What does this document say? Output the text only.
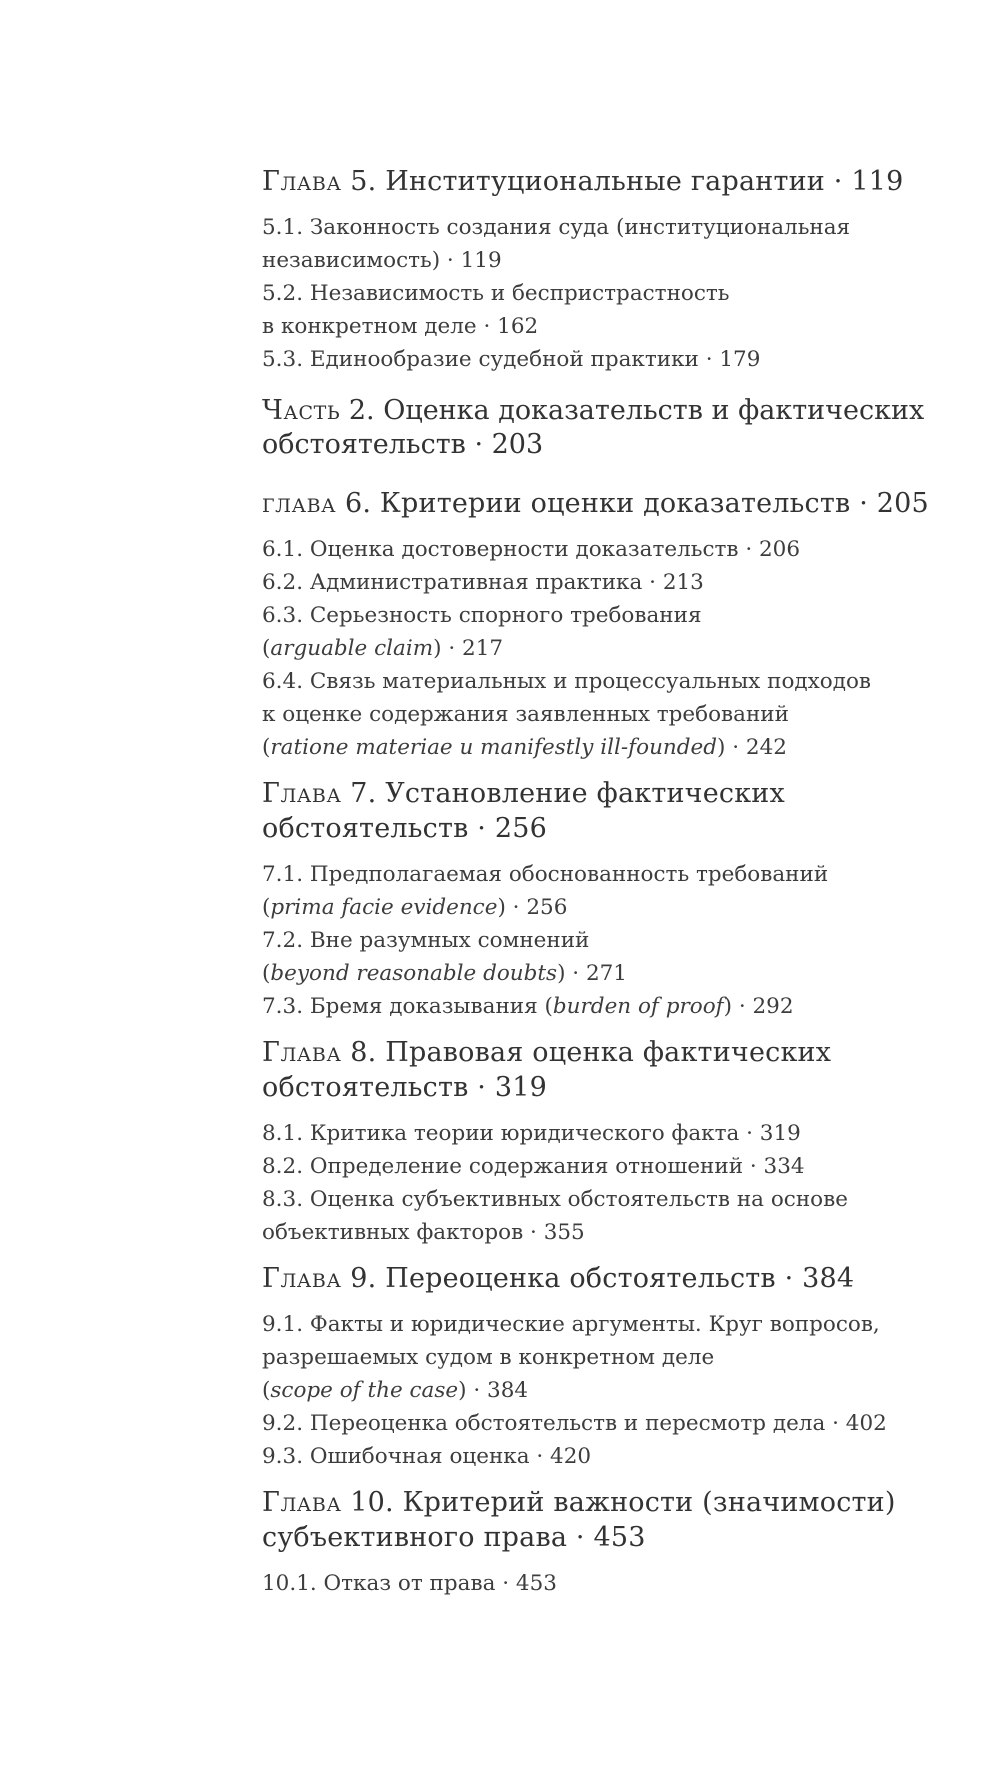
Глава 5. Институциональные гарантии · 119
5.1. Законность создания суда (институциональная
независимость) · 119
5.2. Независимость и беспристрастность
в конкретном деле · 162
5.3. Единообразие судебной практики · 179
Часть 2. Оценка доказательств и фактических
обстоятельств · 203
глава 6. Критерии оценки доказательств · 205
6.1. Оценка достоверности доказательств · 206
6.2. Административная практика · 213
6.3. Серьезность спорного требования
(arguable claim) · 217
6.4. Связь материальных и процессуальных подходов
к оценке содержания заявленных требований
(ratione materiae и manifestly ill-founded) · 242
Глава 7. Установление фактических
обстоятельств · 256
7.1. Предполагаемая обоснованность требований
(prima facie evidence) · 256
7.2. Вне разумных сомнений
(beyond reasonable doubts) · 271
7.3. Бремя доказывания (burden of proof) · 292
Глава 8. Правовая оценка фактических
обстоятельств · 319
8.1. Критика теории юридического факта · 319
8.2. Определение содержания отношений · 334
8.3. Оценка субъективных обстоятельств на основе
объективных факторов · 355
Глава 9. Переоценка обстоятельств · 384
9.1. Факты и юридические аргументы. Круг вопросов,
разрешаемых судом в конкретном деле
(scope of the case) · 384
9.2. Переоценка обстоятельств и пересмотр дела · 402
9.3. Ошибочная оценка · 420
Глава 10. Критерий важности (значимости)
субъективного права · 453
10.1. Отказ от права · 453
